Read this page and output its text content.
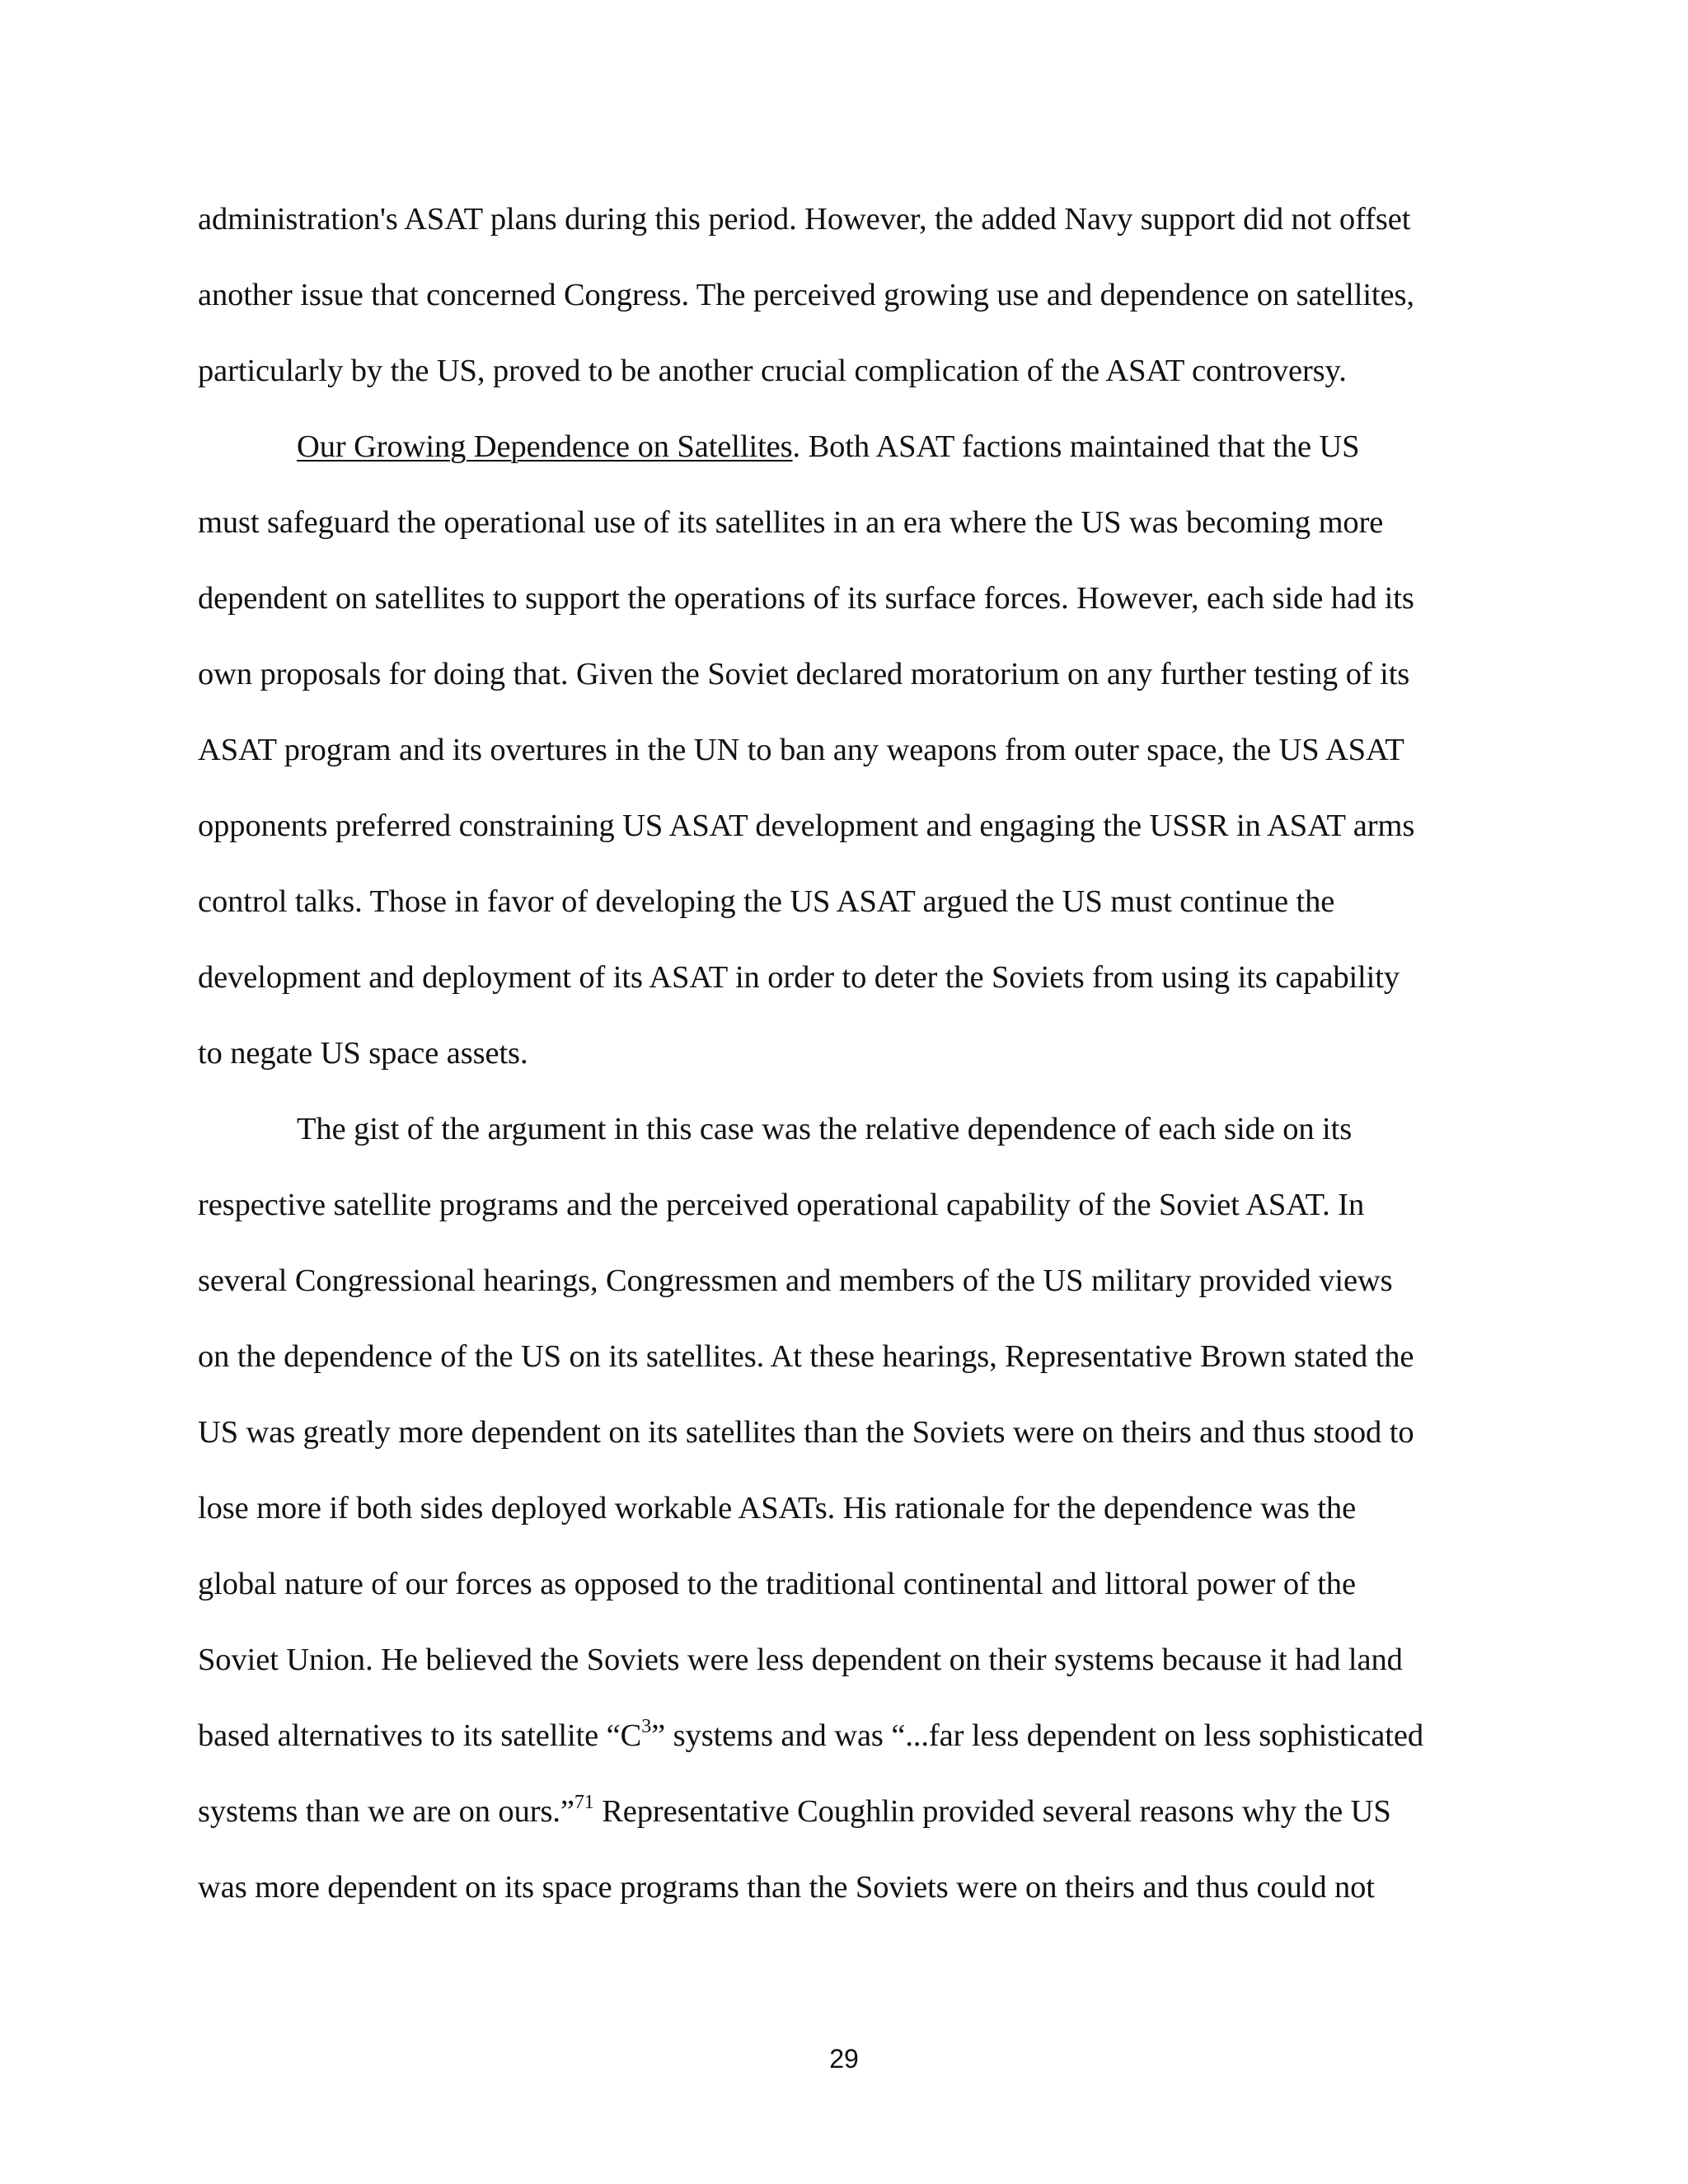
administration's ASAT plans during this period. However, the added Navy support did not offset
another issue that concerned Congress. The perceived growing use and dependence on satellites,
particularly by the US, proved to be another crucial complication of the ASAT controversy.
Our Growing Dependence on Satellites. Both ASAT factions maintained that the US
must safeguard the operational use of its satellites in an era where the US was becoming more
dependent on satellites to support the operations of its surface forces. However, each side had its
own proposals for doing that. Given the Soviet declared moratorium on any further testing of its
ASAT program and its overtures in the UN to ban any weapons from outer space, the US ASAT
opponents preferred constraining US ASAT development and engaging the USSR in ASAT arms
control talks. Those in favor of developing the US ASAT argued the US must continue the
development and deployment of its ASAT in order to deter the Soviets from using its capability
to negate US space assets.
The gist of the argument in this case was the relative dependence of each side on its
respective satellite programs and the perceived operational capability of the Soviet ASAT. In
several Congressional hearings, Congressmen and members of the US military provided views
on the dependence of the US on its satellites. At these hearings, Representative Brown stated the
US was greatly more dependent on its satellites than the Soviets were on theirs and thus stood to
lose more if both sides deployed workable ASATs. His rationale for the dependence was the
global nature of our forces as opposed to the traditional continental and littoral power of the
Soviet Union. He believed the Soviets were less dependent on their systems because it had land
based alternatives to its satellite “$C^3$” systems and was “...far less dependent on less sophisticated
systems than we are on ours.”$^{71}$ Representative Coughlin provided several reasons why the US
was more dependent on its space programs than the Soviets were on theirs and thus could not
29
